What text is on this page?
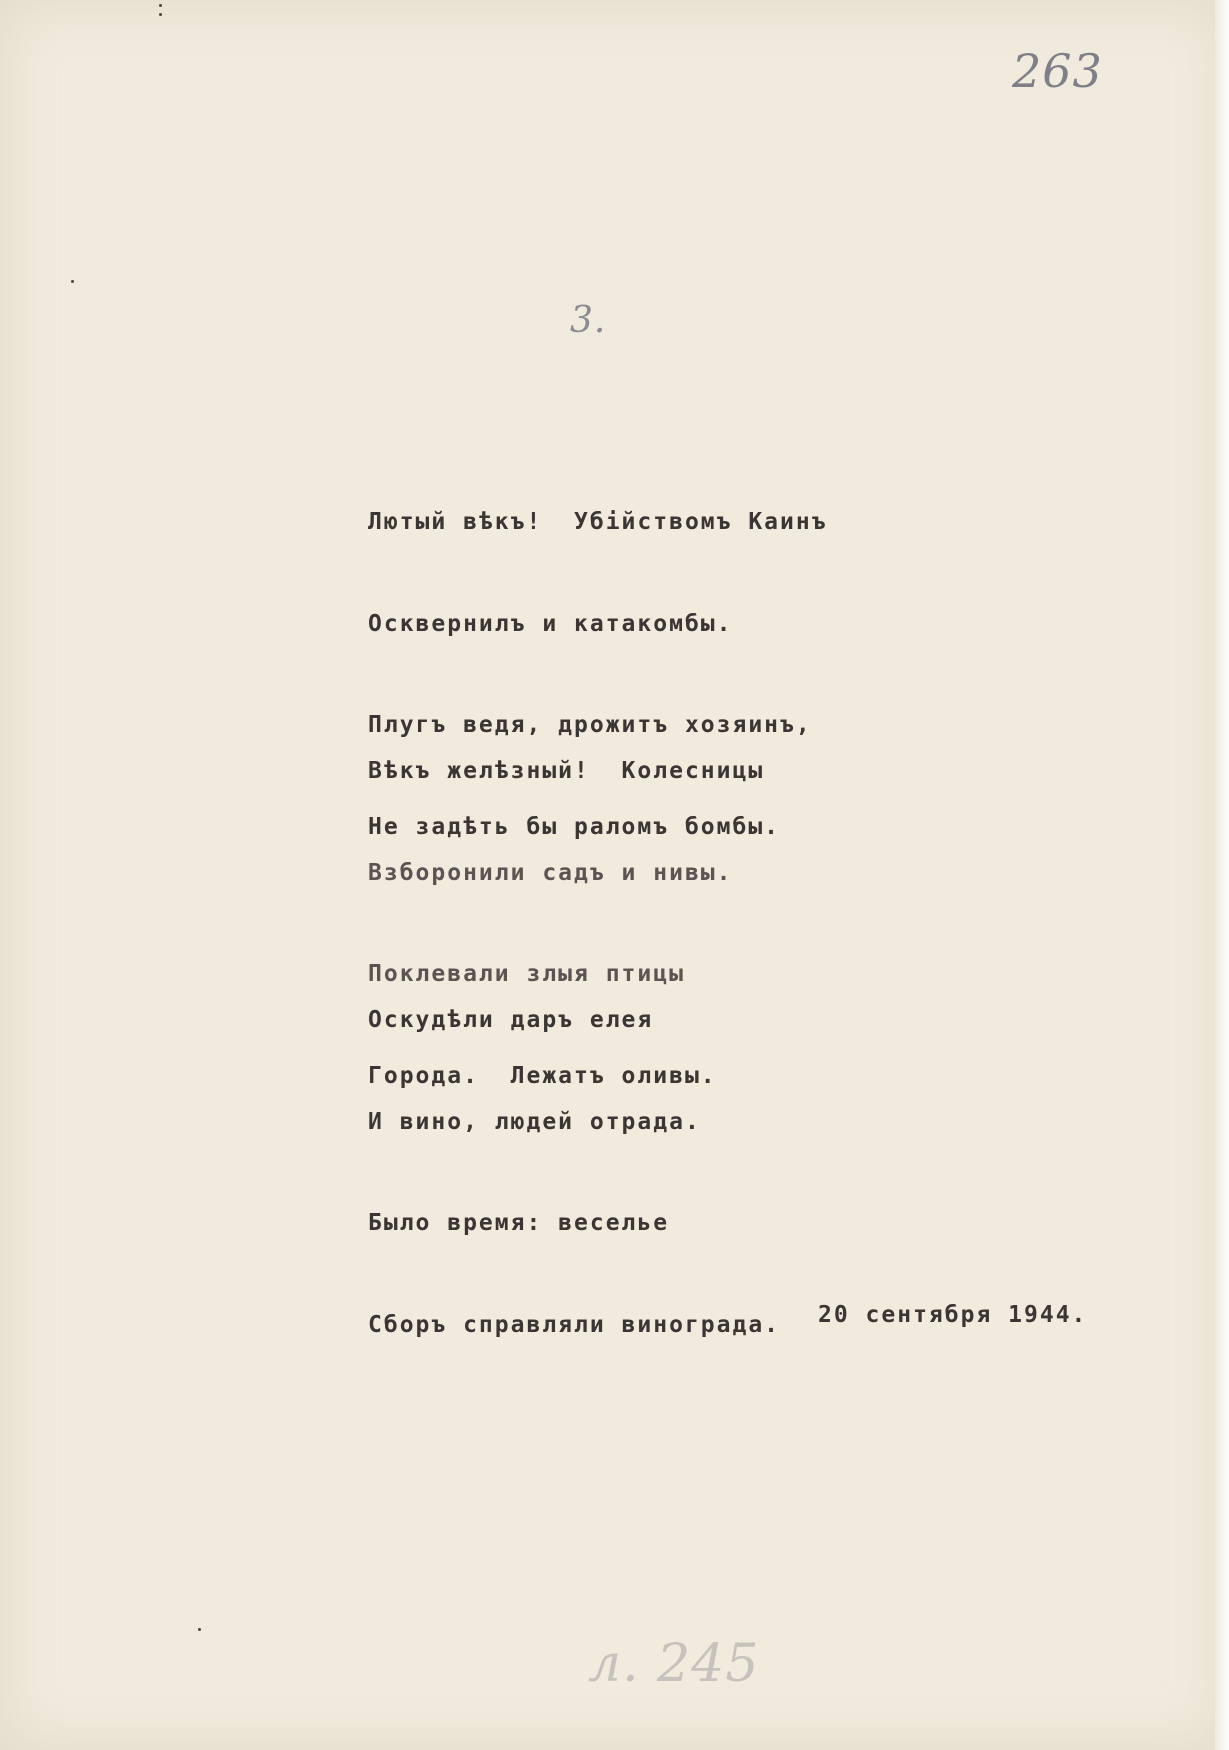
263
3.

Лютый вѣкъ!  Убійствомъ Каинъ

Осквернилъ и катакомбы.

Плугъ ведя, дрожитъ хозяинъ,

Не задѣть бы раломъ бомбы.

Вѣкъ желѣзный!  Колесницы

Взборонили садъ и нивы.

Поклевали злыя птицы

Города.  Лежатъ оливы.

Оскудѣли даръ елея

И вино, людей отрада.

Было время: веселье

Сборъ справляли винограда.

20 сентября 1944.
л. 245
